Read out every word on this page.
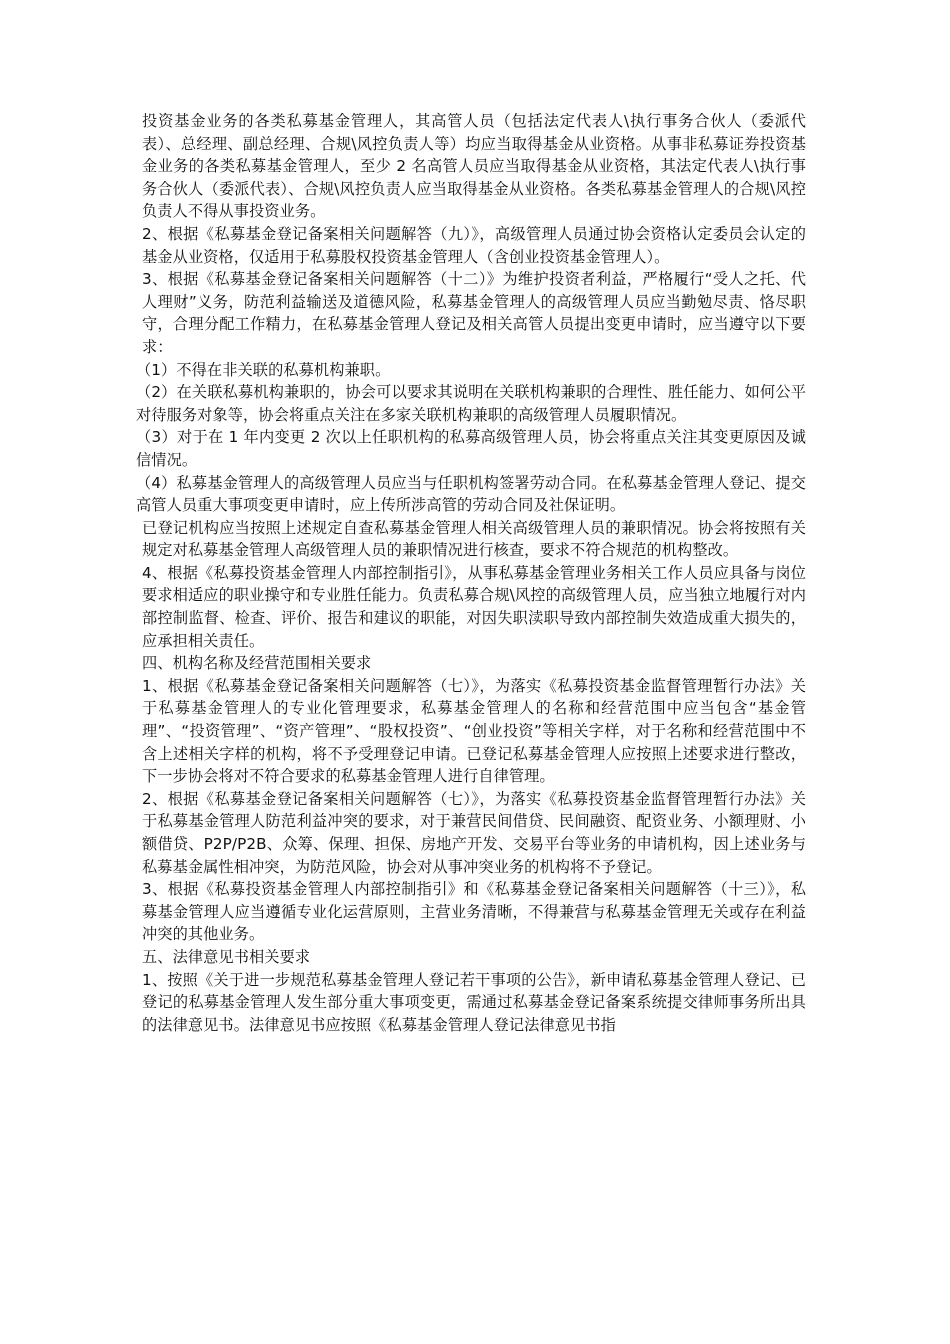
投资基金业务的各类私募基金管理人，其高管人员（包括法定代表人\执行事务合伙人（委派代表）、总经理、副总经理、合规\风控负责人等）均应当取得基金从业资格。从事非私募证券投资基金业务的各类私募基金管理人，至少 2 名高管人员应当取得基金从业资格，其法定代表人\执行事务合伙人（委派代表）、合规\风控负责人应当取得基金从业资格。各类私募基金管理人的合规\风控负责人不得从事投资业务。

2、根据《私募基金登记备案相关问题解答（九）》，高级管理人员通过协会资格认定委员会认定的基金从业资格，仅适用于私募股权投资基金管理人（含创业投资基金管理人）。

3、根据《私募基金登记备案相关问题解答（十二）》为维护投资者利益，严格履行“受人之托、代人理财”义务，防范利益输送及道德风险，私募基金管理人的高级管理人员应当勤勉尽责、恪尽职守，合理分配工作精力，在私募基金管理人登记及相关高管人员提出变更申请时，应当遵守以下要求：

（1）不得在非关联的私募机构兼职。

（2）在关联私募机构兼职的，协会可以要求其说明在关联机构兼职的合理性、胜任能力、如何公平对待服务对象等，协会将重点关注在多家关联机构兼职的高级管理人员履职情况。

（3）对于在 1 年内变更 2 次以上任职机构的私募高级管理人员，协会将重点关注其变更原因及诚信情况。

（4）私募基金管理人的高级管理人员应当与任职机构签署劳动合同。在私募基金管理人登记、提交高管人员重大事项变更申请时，应上传所涉高管的劳动合同及社保证明。

已登记机构应当按照上述规定自查私募基金管理人相关高级管理人员的兼职情况。协会将按照有关规定对私募基金管理人高级管理人员的兼职情况进行核查，要求不符合规范的机构整改。

4、根据《私募投资基金管理人内部控制指引》，从事私募基金管理业务相关工作人员应具备与岗位要求相适应的职业操守和专业胜任能力。负责私募合规\风控的高级管理人员，应当独立地履行对内部控制监督、检查、评价、报告和建议的职能，对因失职渎职导致内部控制失效造成重大损失的，应承担相关责任。

四、机构名称及经营范围相关要求

1、根据《私募基金登记备案相关问题解答（七）》，为落实《私募投资基金监督管理暂行办法》关于私募基金管理人的专业化管理要求，私募基金管理人的名称和经营范围中应当包含“基金管理”、“投资管理”、“资产管理”、“股权投资”、“创业投资”等相关字样，对于名称和经营范围中不含上述相关字样的机构，将不予受理登记申请。已登记私募基金管理人应按照上述要求进行整改，下一步协会将对不符合要求的私募基金管理人进行自律管理。

2、根据《私募基金登记备案相关问题解答（七）》，为落实《私募投资基金监督管理暂行办法》关于私募基金管理人防范利益冲突的要求，对于兼营民间借贷、民间融资、配资业务、小额理财、小额借贷、P2P/P2B、众筹、保理、担保、房地产开发、交易平台等业务的申请机构，因上述业务与私募基金属性相冲突，为防范风险，协会对从事冲突业务的机构将不予登记。

3、根据《私募投资基金管理人内部控制指引》和《私募基金登记备案相关问题解答（十三）》，私募基金管理人应当遵循专业化运营原则，主营业务清晰，不得兼营与私募基金管理无关或存在利益冲突的其他业务。

五、法律意见书相关要求

1、按照《关于进一步规范私募基金管理人登记若干事项的公告》，新申请私募基金管理人登记、已登记的私募基金管理人发生部分重大事项变更，需通过私募基金登记备案系统提交律师事务所出具的法律意见书。法律意见书应按照《私募基金管理人登记法律意见书指
